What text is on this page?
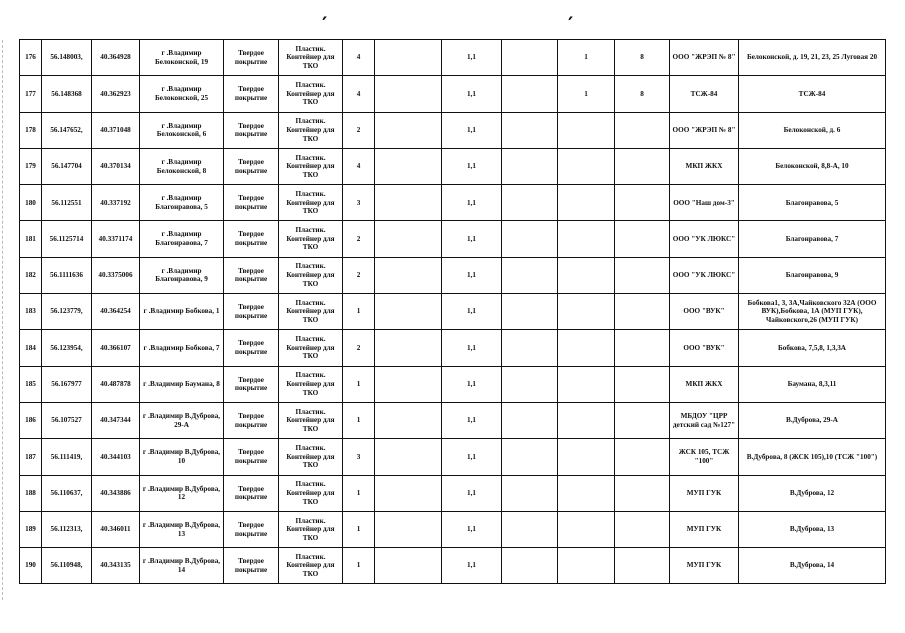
′	′
176	56.148003,	40.364928	г .Владимир Белоконской, 19	Твердое покрытие	Пластик. Контейнер для ТКО	4		1,1		1	8	ООО "ЖРЭП № 8"	Белоконской, д. 19, 21, 23, 25 Луговая 20
177	56.148368	40.362923	г .Владимир Белоконской, 25	Твердое покрытие	Пластик. Контейнер для ТКО	4		1,1		1	8	ТСЖ-84	ТСЖ-84
178	56.147652,	40.371048	г .Владимир Белоконской, 6	Твердое покрытие	Пластик. Контейнер для ТКО	2		1,1				ООО "ЖРЭП № 8"	Белоконской, д. 6
179	56.147704	40.370134	г .Владимир Белоконской, 8	Твердое покрытие	Пластик. Контейнер для ТКО	4		1,1				МКП ЖКХ	Белоконской, 8,8-А, 10
180	56.112551	40.337192	г .Владимир Благонравова, 5	Твердое покрытие	Пластик. Контейнер для ТКО	3		1,1				ООО "Наш дом-3"	Благонравова, 5
181	56.1125714	40.3371174	г .Владимир Благонравова, 7	Твердое покрытие	Пластик. Контейнер для ТКО	2		1,1				ООО "УК ЛЮКС"	Благонравова, 7
182	56.1111636	40.3375006	г .Владимир Благонравова, 9	Твердое покрытие	Пластик. Контейнер для ТКО	2		1,1				ООО "УК ЛЮКС"	Благонравова, 9
183	56.123779,	40.364254	г .Владимир Бобкова, 1	Твердое покрытие	Пластик. Контейнер для ТКО	1		1,1				ООО "ВУК"	Бобкова1, 3, 3А,Чайковского 32А (ООО ВУК),Бобкова, 1А (МУП ГУК), Чайковского,26 (МУП ГУК)
184	56.123954,	40.366107	г .Владимир Бобкова, 7	Твердое покрытие	Пластик. Контейнер для ТКО	2		1,1				ООО "ВУК"	Бобкова, 7,5,8, 1,3,3А
185	56.167977	40.487878	г .Владимир Баумана, 8	Твердое покрытие	Пластик. Контейнер для ТКО	1		1,1				МКП ЖКХ	Баумана, 8,3,11
186	56.107527	40.347344	г .Владимир В.Дуброва, 29-А	Твердое покрытие	Пластик. Контейнер для ТКО	1		1,1				МБДОУ "ЦРР детский сад №127"	В.Дуброва, 29-А
187	56.111419,	40.344103	г .Владимир В.Дуброва, 10	Твердое покрытие	Пластик. Контейнер для ТКО	3		1,1				ЖСК 105, ТСЖ "100"	В.Дуброва, 8 (ЖСК 105),10 (ТСЖ "100")
188	56.110637,	40.343886	г .Владимир В.Дуброва, 12	Твердое покрытие	Пластик. Контейнер для ТКО	1		1,1				МУП ГУК	В.Дуброва, 12
189	56.112313,	40.346011	г .Владимир В.Дуброва, 13	Твердое покрытие	Пластик. Контейнер для ТКО	1		1,1				МУП ГУК	В.Дуброва, 13
190	56.110948,	40.343135	г .Владимир В.Дуброва, 14	Твердое покрытие	Пластик. Контейнер для ТКО	1		1,1				МУП ГУК	В.Дуброва, 14
